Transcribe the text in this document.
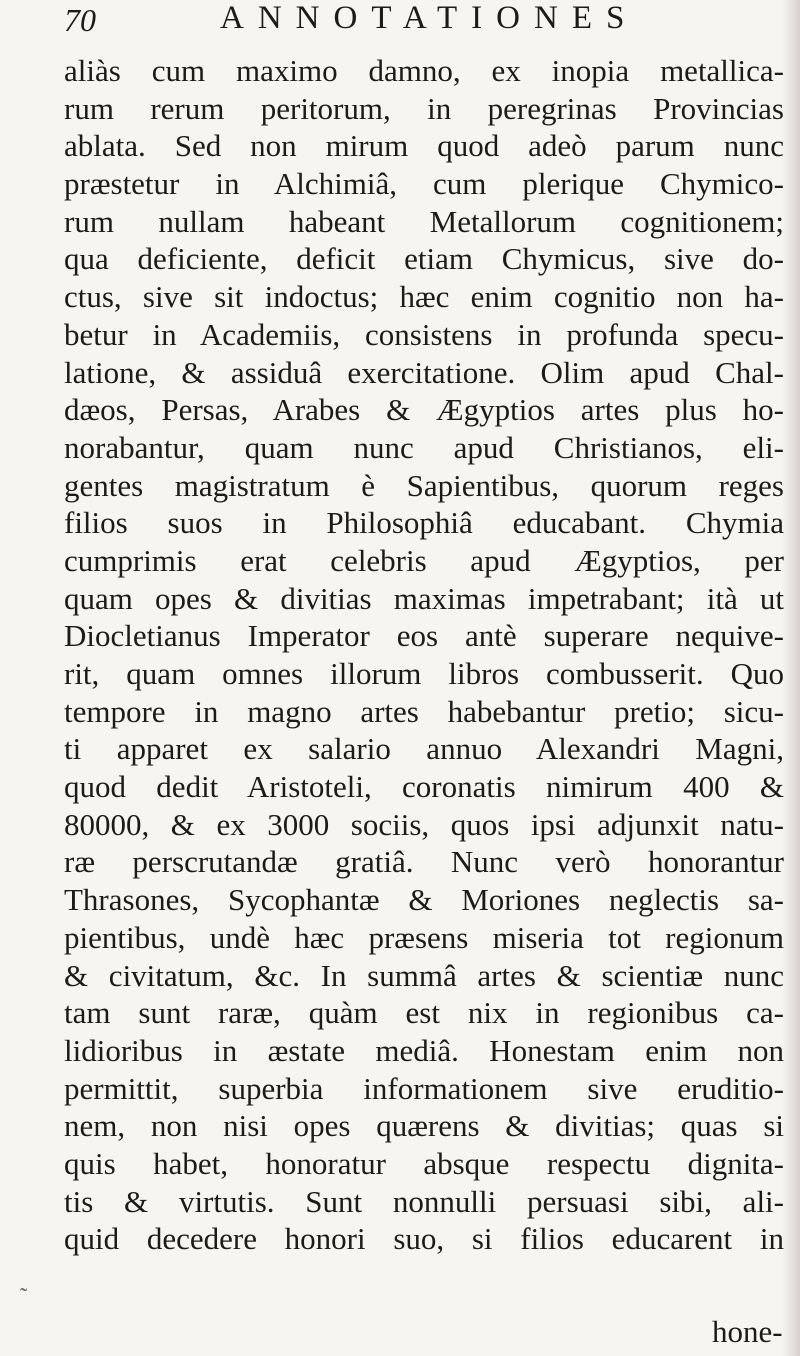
70	ANNOTATIONES
aliàs cum maximo damno, ex inopia metallica-
rum rerum peritorum, in peregrinas Provincias
ablata. Sed non mirum quod adeò parum nunc
præstetur in Alchimiâ, cum plerique Chymico-
rum nullam habeant Metallorum cognitionem;
qua deficiente, deficit etiam Chymicus, sive do-
ctus, sive sit indoctus; hæc enim cognitio non ha-
betur in Academiis, consistens in profunda specu-
latione, & assiduâ exercitatione. Olim apud Chal-
dæos, Persas, Arabes & Ægyptios artes plus ho-
norabantur, quam nunc apud Christianos, eli-
gentes magistratum è Sapientibus, quorum reges
filios suos in Philosophiâ educabant. Chymia
cumprimis erat celebris apud Ægyptios, per
quam opes & divitias maximas impetrabant; ità ut
Diocletianus Imperator eos antè superare nequive-
rit, quam omnes illorum libros combusserit. Quo
tempore in magno artes habebantur pretio; sicu-
ti apparet ex salario annuo Alexandri Magni,
quod dedit Aristoteli, coronatis nimirum 400 &
80000, & ex 3000 sociis, quos ipsi adjunxit natu-
ræ perscrutandæ gratiâ. Nunc verò honorantur
Thrasones, Sycophantæ & Moriones neglectis sa-
pientibus, undè hæc præsens miseria tot regionum
& civitatum, &c. In summâ artes & scientiæ nunc
tam sunt raræ, quàm est nix in regionibus ca-
lidioribus in æstate mediâ. Honestam enim non
permittit, superbia informationem sive eruditio-
nem, non nisi opes quærens & divitias; quas si
quis habet, honoratur absque respectu dignita-
tis & virtutis. Sunt nonnulli persuasi sibi, ali-
quid decedere honori suo, si filios educarent in
˜
hone-
